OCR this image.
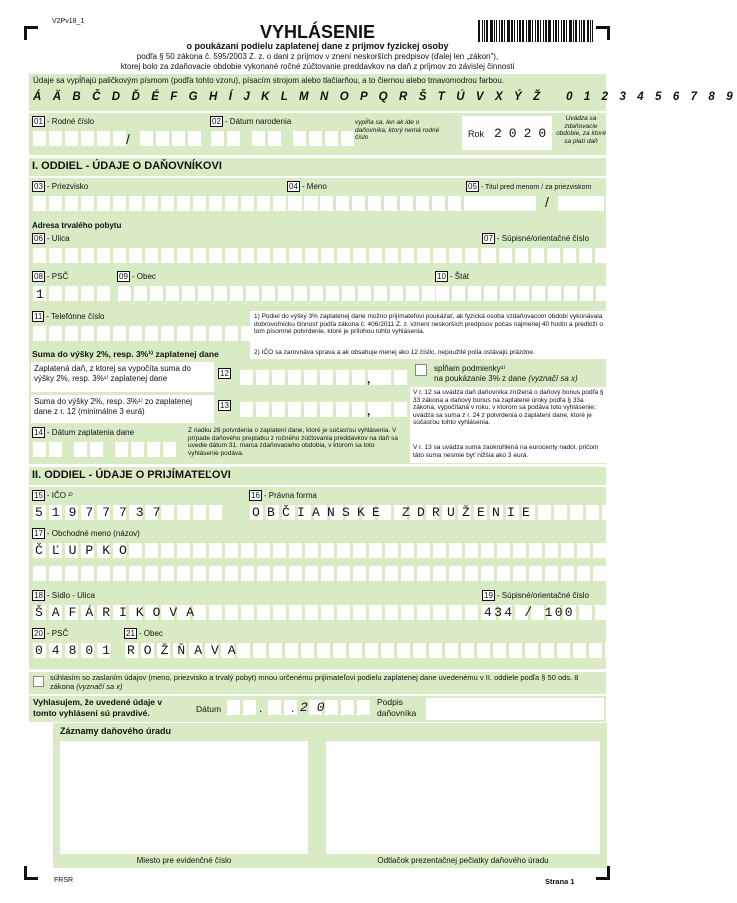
V2Pv18_1
VYHLÁSENIE
o poukázaní podielu zaplatenej dane z príjmov fyzickej osoby
podľa § 50 zákona č. 595/2003 Z. z. o dani z príjmov v znení neskorších predpisov (ďalej len „zákon"),
ktorej bolo za zdaňovacie obdobie vykonané ročné zúčtovanie preddavkov na daň z príjmov zo závislej činnosti
Údaje sa vypĺňajú paličkovým písmom (podľa tohto vzoru), písacím strojom alebo tlačiarňou, a to čiernou alebo tmavomodrou farbou.
Á Ä B Č D Ď É F G H Í J K L M N O P Q R Š T Ú V X Ý Ž   0 1 2 3 4 5 6 7 8 9
01 - Rodné číslo
/
02 - Dátum narodenia	vypĺňa sa, len ak ide o daňovníka, ktorý nemá rodné číslo	Rok 2020
Uvádza sa zdaňovacie obdobie, za ktoré sa platí daň
I. ODDIEL - ÚDAJE O DAŇOVNÍKOVI
03 - Priezvisko	04 - Meno	05 - Titul pred menom / za priezviskom
/
Adresa trvalého pobytu
06 - Ulica	07 - Súpisné/orientačné číslo
08 - PSČ
1
09 - Obec	10 - Štát
11 - Telefónne číslo	1) Podiel do výšky 3% zaplatenej dane možno prijímateľovi poukázať, ak fyzická osoba vzdaňovacom období vykonávala dobrovoľnícku činnosť podľa zákona č. 406/2011 Z. z. vznení neskorších predpisov počas najmenej 40 hodín a predloží o tom písomné potvrdenie, ktoré je prílohou tohto vyhlásenia.
2) IČO sa zarovnáva sprava a ak obsahuje menej ako 12 číslic, nepoužité polia ostávajú prázdne.
Suma do výšky 2%, resp. 3%¹⁾ zaplatenej dane
Zaplatená daň, z ktorej sa vypočíta suma do výšky 2%, resp. 3%¹⁾ zaplatenej dane	12	,
Suma do výšky 2%, resp. 3%¹⁾ zo zaplatenej dane z r. 12 (minimálne 3 eurá)
13	,
spĺňam podmienky¹⁾
na poukázanie 3% z dane (vyznačí sa x)
V r. 12 sa uvádza daň daňovníka znížená o daňový bonus podľa § 33 zákona a daňový bonus na zaplatené úroky podľa § 33a zákona, vypočítaná v roku, v ktorom sa podáva toto vyhlásenie; uvádza sa suma z r. 24 z potvrdenia o zaplatení dane, ktoré je súčasťou tohto vyhlásenia.
V r. 13 sa uvádza suma zaokrúhlená na eurocenty nadol, pričom táto suma nesmie byť nižšia ako 3 eurá.
14 - Dátum zaplatenia dane	Z riadku 26 potvrdenia o zaplatení dane, ktoré je súčasťou vyhlásenia. V prípade daňového preplatku z ročného zúčtovania preddavkov na daň sa uvedie dátum 31. marca zdaňovacieho obdobia, v ktorom sa toto vyhlásenie podáva.
II. ODDIEL - ÚDAJE O PRIJÍMATEĽOVI
15 - IČO ²⁾
51977737
16 - Právna forma
OBČIANSKE ZDRUŽENIE
17 - Obchodné meno (názov)
ČĽUPKO
18 - Sídlo - Ulica
ŠAFÁRIKOVA
19 - Súpisné/orientačné číslo
434 / 100
20 - PSČ
04801
21 - Obec
ROŽŇAVA
súhlasím so zaslaním údajov (meno, priezvisko a trvalý pobyt) mnou určenému prijímateľovi podielu zaplatenej dane uvedenému v II. oddiele podľa § 50 ods. 8 zákona (vyznačí sa x)
Vyhlasujem, že uvedené údaje v tomto vyhlásení sú pravdivé.	Dátum	. . 20	Podpis daňovníka
Záznamy daňového úradu
Miesto pre evidenčné číslo	Odtlačok prezentačnej pečiatky daňového úradu
FRSR	Strana 1
